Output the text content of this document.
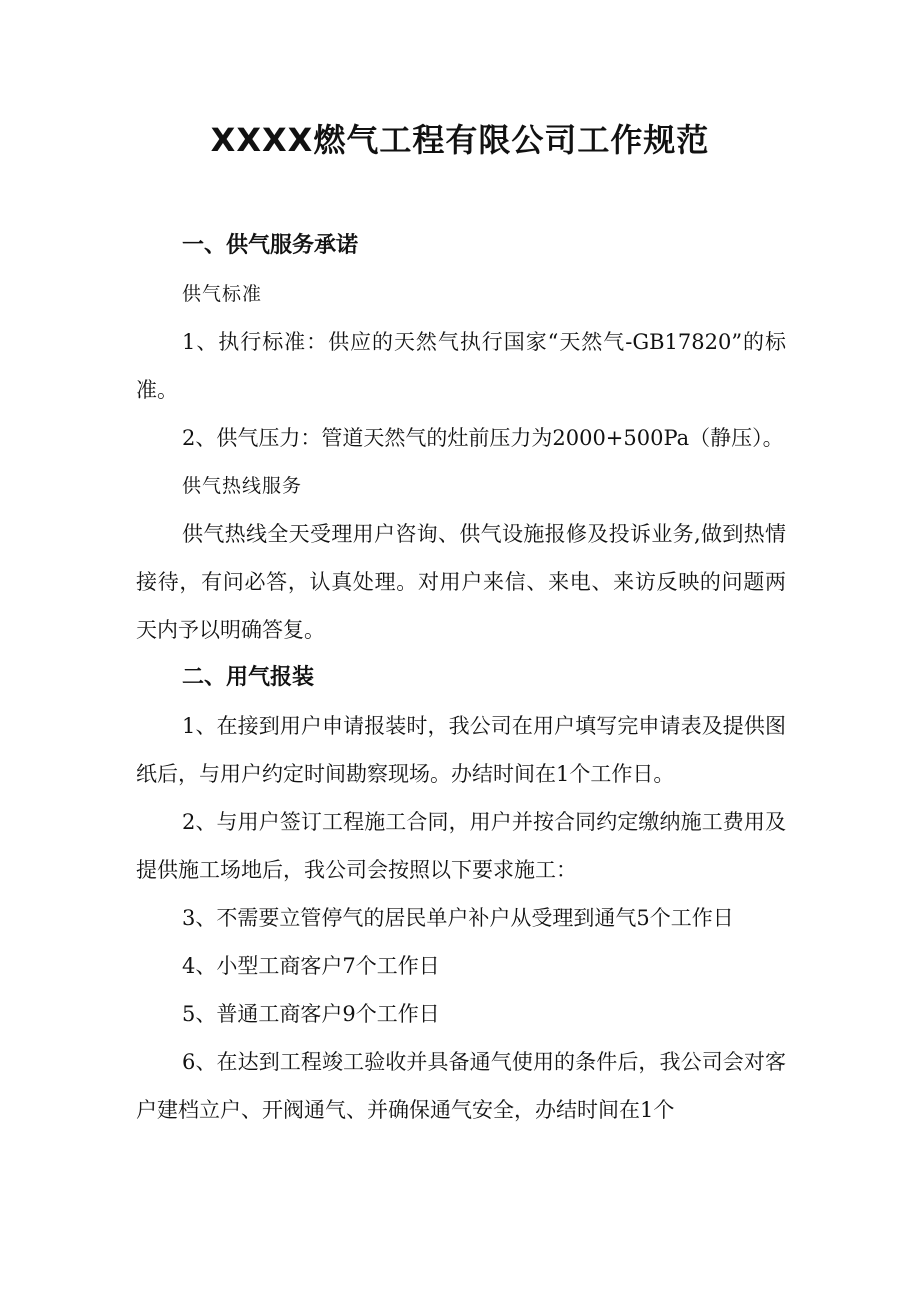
XXXX燃气工程有限公司工作规范
一、供气服务承诺

供气标准

1、执行标准：供应的天然气执行国家“天然气-GB17820”的标准。

2、供气压力：管道天然气的灶前压力为2000+500Pa（静压）。

供气热线服务

供气热线全天受理用户咨询、供气设施报修及投诉业务,做到热情接待，有问必答，认真处理。对用户来信、来电、来访反映的问题两天内予以明确答复。

二、用气报装

1、在接到用户申请报装时，我公司在用户填写完申请表及提供图纸后，与用户约定时间勘察现场。办结时间在1个工作日。

2、与用户签订工程施工合同，用户并按合同约定缴纳施工费用及提供施工场地后，我公司会按照以下要求施工：

3、不需要立管停气的居民单户补户从受理到通气5个工作日

4、小型工商客户7个工作日

5、普通工商客户9个工作日

6、在达到工程竣工验收并具备通气使用的条件后，我公司会对客户建档立户、开阀通气、并确保通气安全，办结时间在1个
